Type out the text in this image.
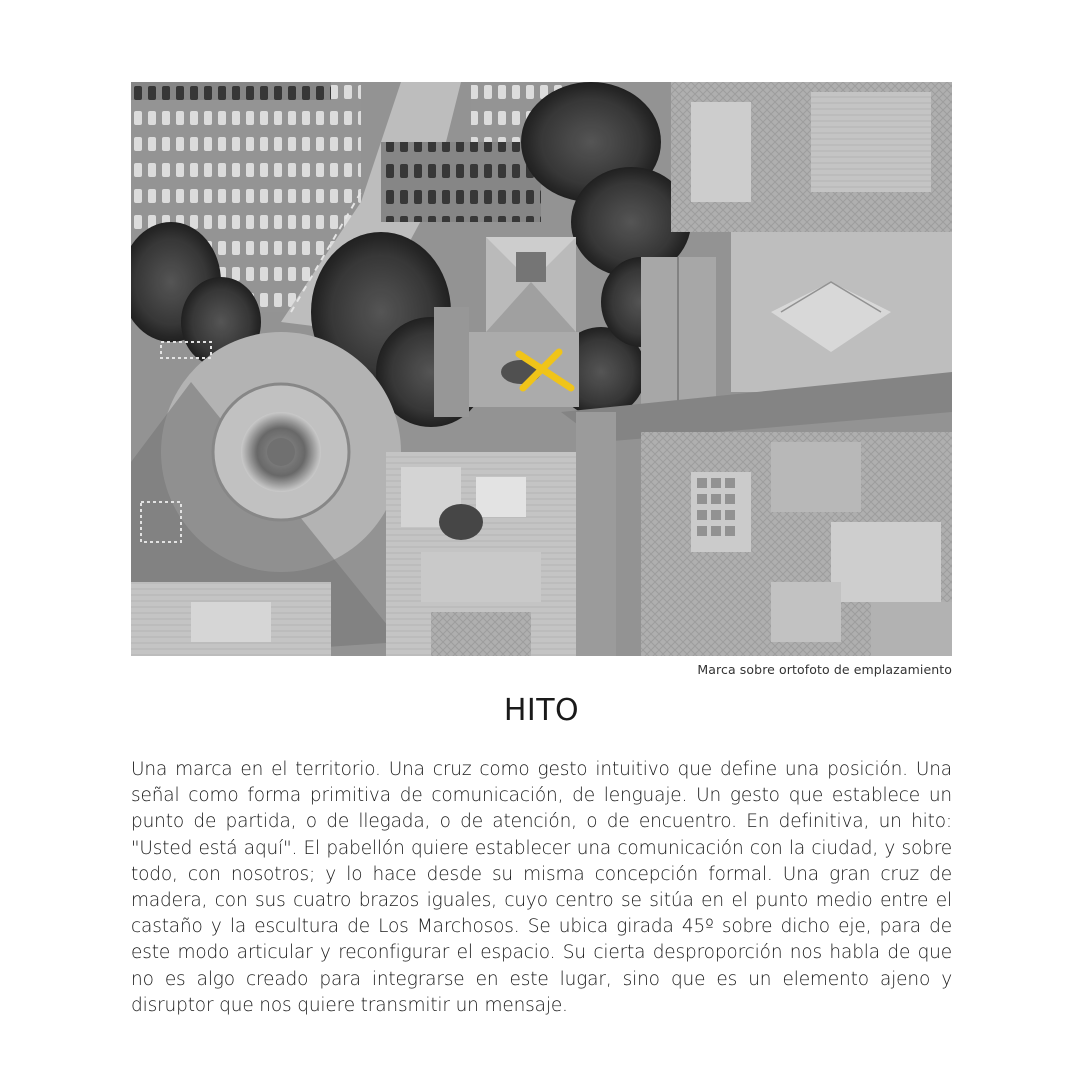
Marca sobre ortofoto de emplazamiento
HITO

Una marca en el territorio. Una cruz como gesto intuitivo que define una posición. Una señal como forma primitiva de comunicación, de lenguaje. Un gesto que establece un punto de partida, o de llegada, o de atención, o de encuentro. En definitiva, un hito: "Usted está aquí". El pabellón quiere establecer una comunicación con la ciudad, y sobre todo, con nosotros; y lo hace desde su misma concepción formal. Una gran cruz de madera, con sus cuatro brazos iguales, cuyo centro se sitúa en el punto medio entre el castaño y la escultura de Los Marchosos. Se ubica girada 45º sobre dicho eje, para de este modo articular y reconfigurar el espacio. Su cierta desproporción nos habla de que no es algo creado para integrarse en este lugar, sino que es un elemento ajeno y disruptor que nos quiere transmitir un mensaje.
